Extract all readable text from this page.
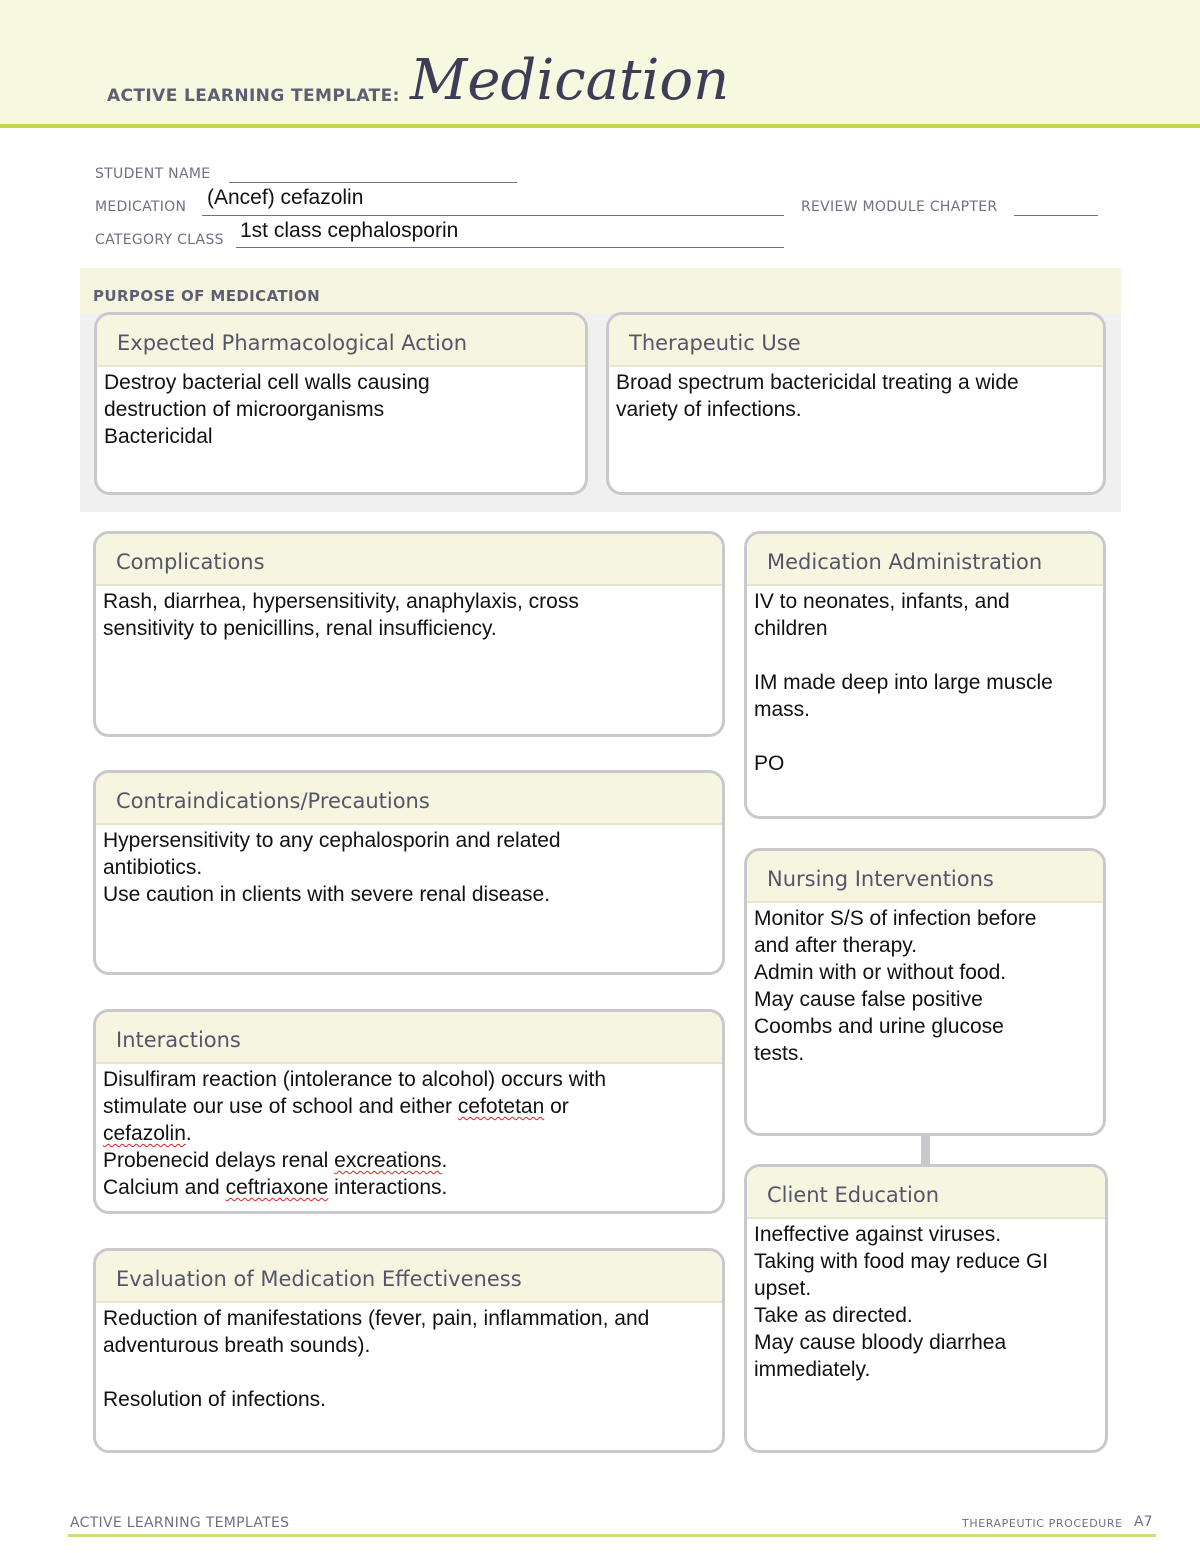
ACTIVE LEARNING TEMPLATE: Medication
STUDENT NAME
MEDICATION (Ancef) cefazolin	REVIEW MODULE CHAPTER
CATEGORY CLASS 1st class cephalosporin
PURPOSE OF MEDICATION
Expected Pharmacological Action
Destroy bacterial cell walls causing
destruction of microorganisms
Bactericidal
Therapeutic Use
Broad spectrum bactericidal treating a wide
variety of infections.
Complications
Rash, diarrhea, hypersensitivity, anaphylaxis, cross
sensitivity to penicillins, renal insufficiency.
Contraindications/Precautions
Hypersensitivity to any cephalosporin and related
antibiotics.
Use caution in clients with severe renal disease.
Interactions
Disulfiram reaction (intolerance to alcohol) occurs with
stimulate our use of school and either cefotetan or
cefazolin.
Probenecid delays renal excreations.
Calcium and ceftriaxone interactions.
Evaluation of Medication Effectiveness
Reduction of manifestations (fever, pain, inflammation, and
adventurous breath sounds).
Resolution of infections.
Medication Administration
IV to neonates, infants, and
children
IM made deep into large muscle
mass.
PO
Nursing Interventions
Monitor S/S of infection before
and after therapy.
Admin with or without food.
May cause false positive
Coombs and urine glucose
tests.
Client Education
Ineffective against viruses.
Taking with food may reduce GI
upset.
Take as directed.
May cause bloody diarrhea
immediately.
ACTIVE LEARNING TEMPLATES	THERAPEUTIC PROCEDURE A7
